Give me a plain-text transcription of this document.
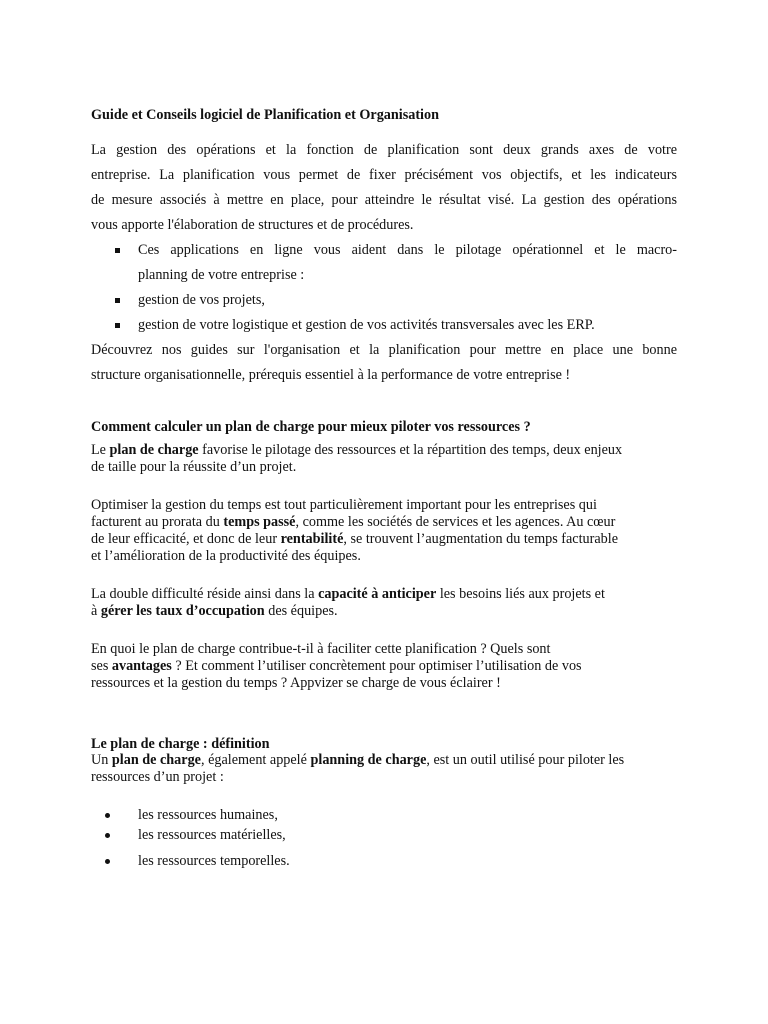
Guide et Conseils logiciel de Planification et Organisation
La gestion des opérations et la fonction de planification sont deux grands axes de votre
entreprise. La planification vous permet de fixer précisément vos objectifs, et les indicateurs
de mesure associés à mettre en place, pour atteindre le résultat visé. La gestion des opérations
vous apporte l'élaboration de structures et de procédures.
Ces applications en ligne vous aident dans le pilotage opérationnel et le macro-
planning de votre entreprise :
gestion de vos projets,
gestion de votre logistique et gestion de vos activités transversales avec les ERP.
Découvrez nos guides sur l'organisation et la planification pour mettre en place une bonne
structure organisationnelle, prérequis essentiel à la performance de votre entreprise !
Comment calculer un plan de charge pour mieux piloter vos ressources ?
Le plan de charge favorise le pilotage des ressources et la répartition des temps, deux enjeux
de taille pour la réussite d’un projet.
Optimiser la gestion du temps est tout particulièrement important pour les entreprises qui
facturent au prorata du temps passé, comme les sociétés de services et les agences. Au cœur
de leur efficacité, et donc de leur rentabilité, se trouvent l’augmentation du temps facturable
et l’amélioration de la productivité des équipes.
La double difficulté réside ainsi dans la capacité à anticiper les besoins liés aux projets et
à gérer les taux d’occupation des équipes.
En quoi le plan de charge contribue-t-il à faciliter cette planification ? Quels sont
ses avantages ? Et comment l’utiliser concrètement pour optimiser l’utilisation de vos
ressources et la gestion du temps ? Appvizer se charge de vous éclairer !
Le plan de charge : définition
Un plan de charge, également appelé planning de charge, est un outil utilisé pour piloter les
ressources d’un projet :
les ressources humaines,
les ressources matérielles,
les ressources temporelles.
